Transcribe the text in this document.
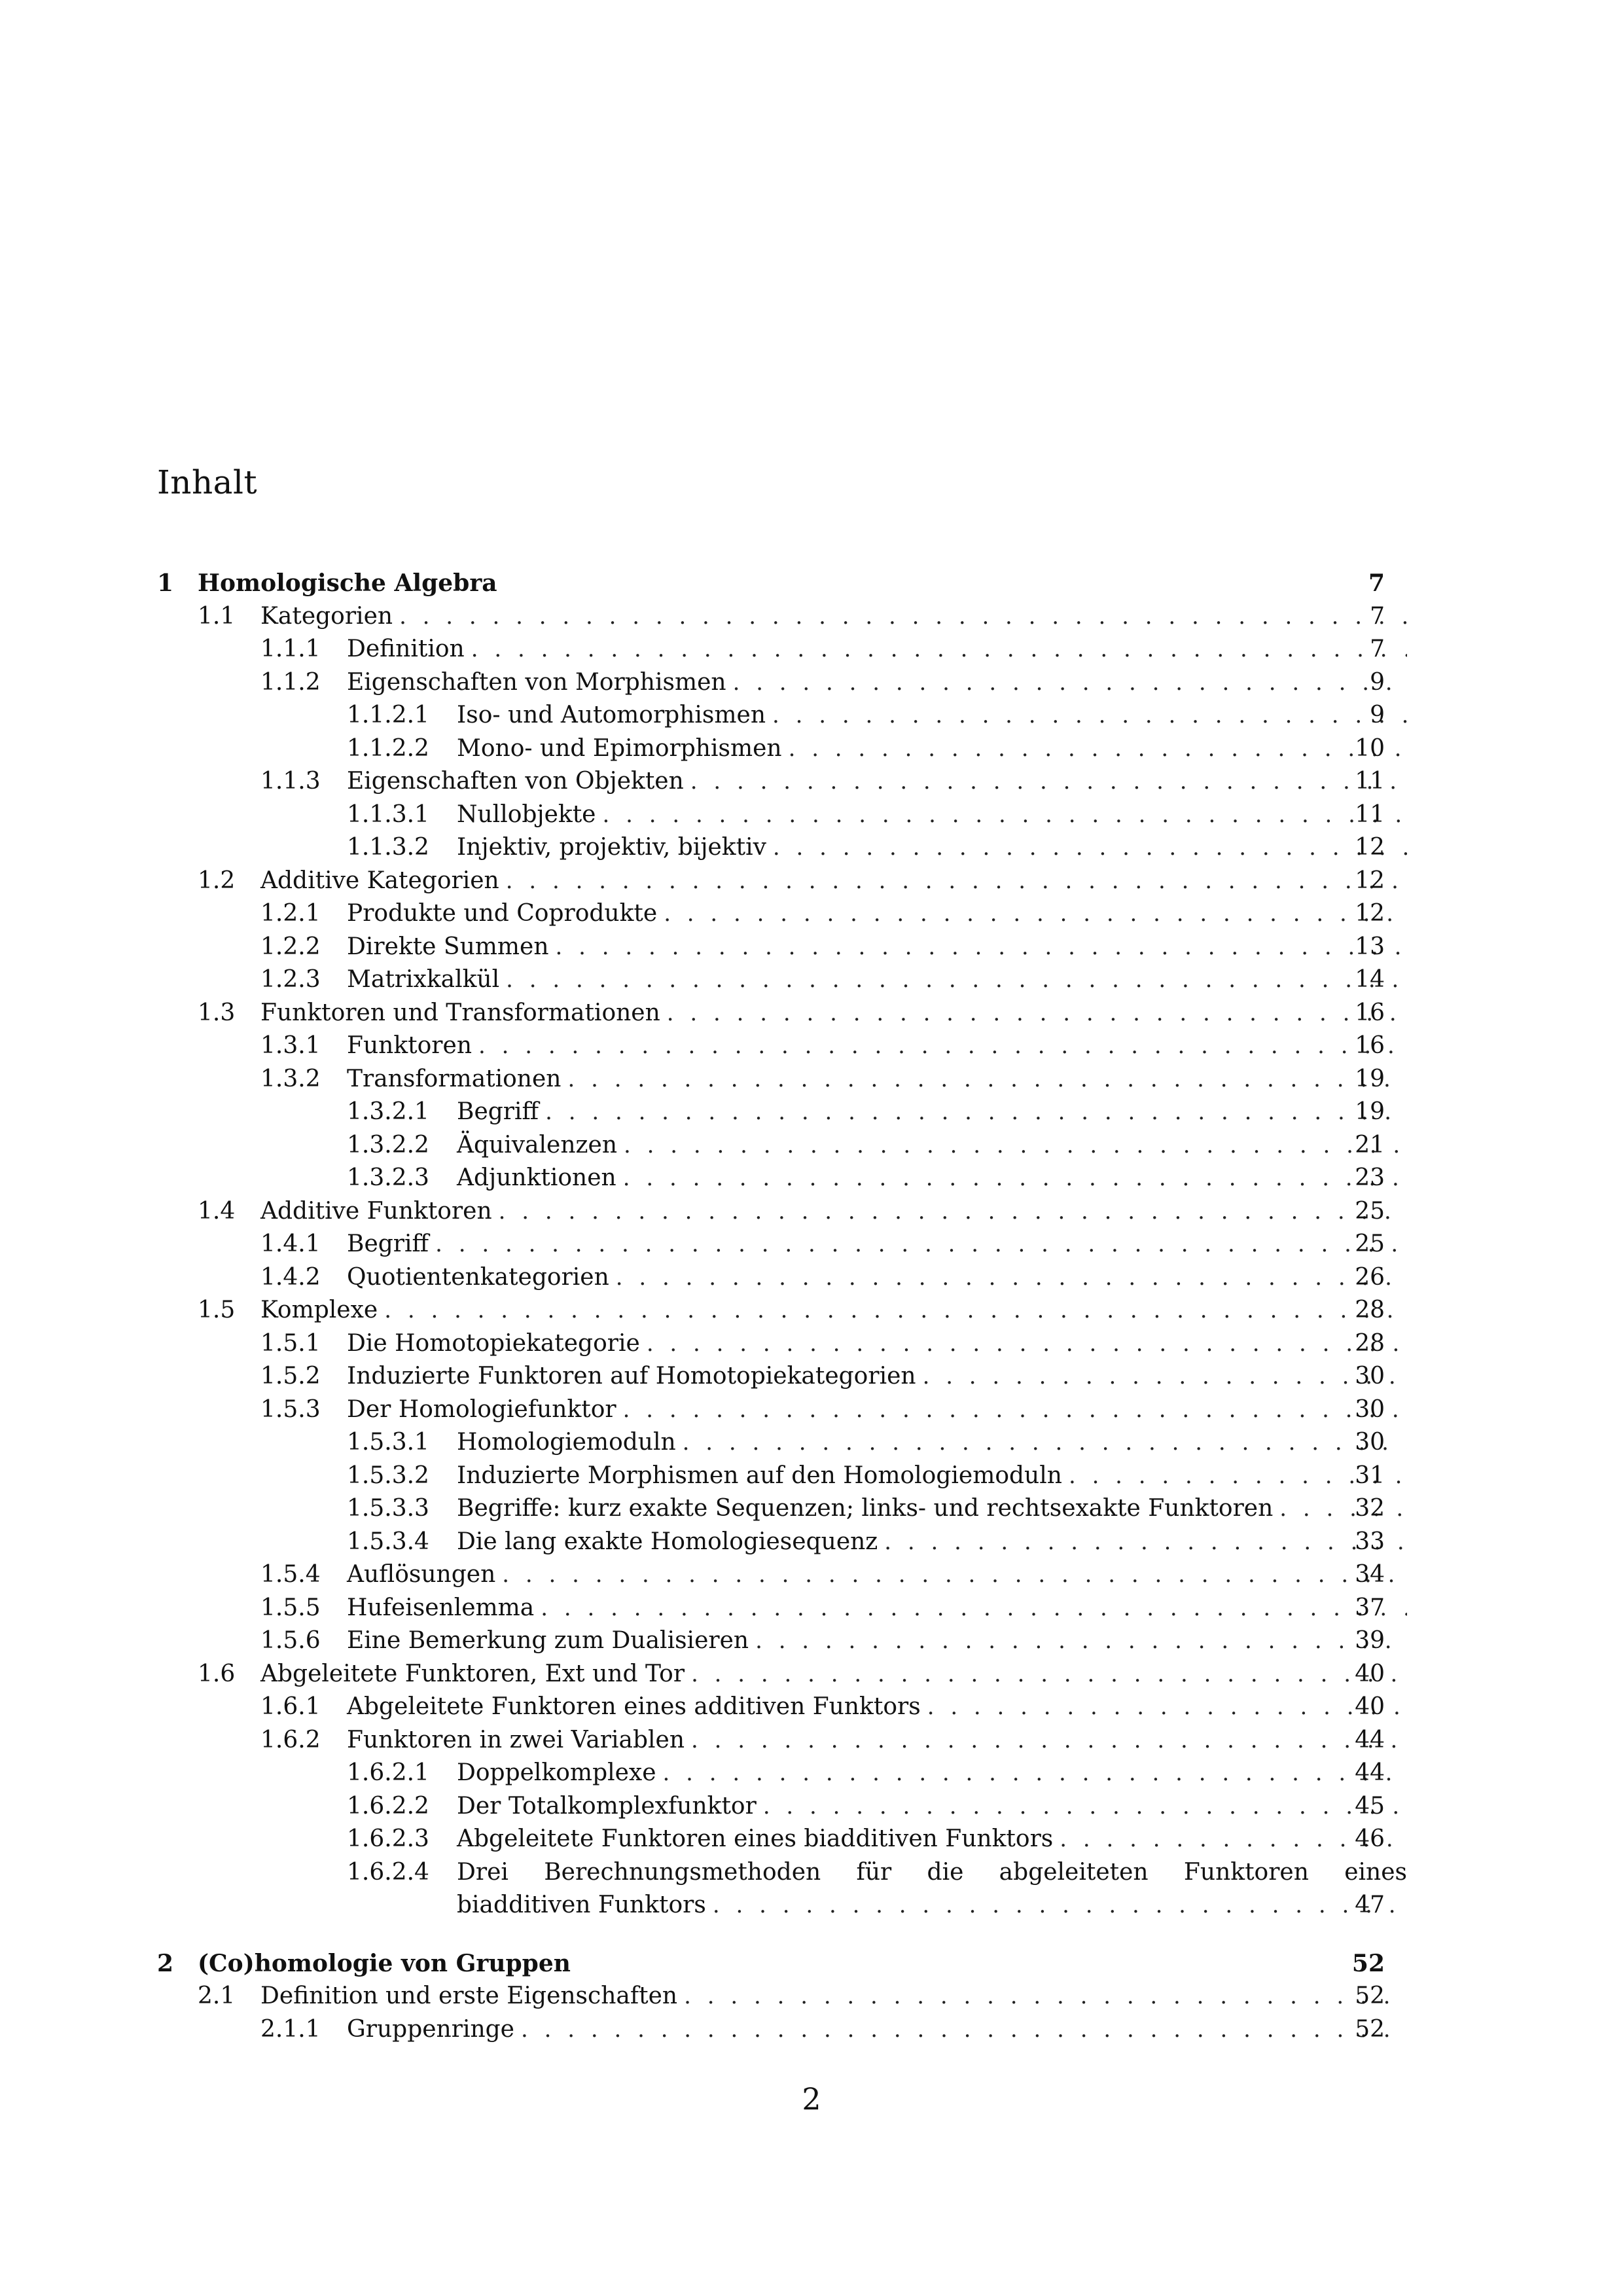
Inhalt
1 Homologische Algebra	7
1.1 Kategorien . . .	7
1.1.1 Definition . . .	7
1.1.2 Eigenschaften von Morphismen . . .	9
1.1.2.1 Iso- und Automorphismen . . .	9
1.1.2.2 Mono- und Epimorphismen . . .	10
1.1.3 Eigenschaften von Objekten . . .	11
1.1.3.1 Nullobjekte . . .	11
1.1.3.2 Injektiv, projektiv, bijektiv . . .	12
1.2 Additive Kategorien . . .	12
1.2.1 Produkte und Coprodukte . . .	12
1.2.2 Direkte Summen . . .	13
1.2.3 Matrixkalkül . . .	14
1.3 Funktoren und Transformationen . . .	16
1.3.1 Funktoren . . .	16
1.3.2 Transformationen . . .	19
1.3.2.1 Begriff . . .	19
1.3.2.2 Äquivalenzen . . .	21
1.3.2.3 Adjunktionen . . .	23
1.4 Additive Funktoren . . .	25
1.4.1 Begriff . . .	25
1.4.2 Quotientenkategorien . . .	26
1.5 Komplexe . . .	28
1.5.1 Die Homotopiekategorie . . .	28
1.5.2 Induzierte Funktoren auf Homotopiekategorien . . .	30
1.5.3 Der Homologiefunktor . . .	30
1.5.3.1 Homologiemoduln . . .	30
1.5.3.2 Induzierte Morphismen auf den Homologiemoduln . . .	31
1.5.3.3 Begriffe: kurz exakte Sequenzen; links- und rechtsexakte Funktoren . . .	32
1.5.3.4 Die lang exakte Homologiesequenz . . .	33
1.5.4 Auflösungen . . .	34
1.5.5 Hufeisenlemma . . .	37
1.5.6 Eine Bemerkung zum Dualisieren . . .	39
1.6 Abgeleitete Funktoren, Ext und Tor . . .	40
1.6.1 Abgeleitete Funktoren eines additiven Funktors . . .	40
1.6.2 Funktoren in zwei Variablen . . .	44
1.6.2.1 Doppelkomplexe . . .	44
1.6.2.2 Der Totalkomplexfunktor . . .	45
1.6.2.3 Abgeleitete Funktoren eines biadditiven Funktors . . .	46
1.6.2.4 Drei Berechnungsmethoden für die abgeleiteten Funktoren eines
biadditiven Funktors . . .	47
2 (Co)homologie von Gruppen	52
2.1 Definition und erste Eigenschaften . . .	52
2.1.1 Gruppenringe . . .	52
2
